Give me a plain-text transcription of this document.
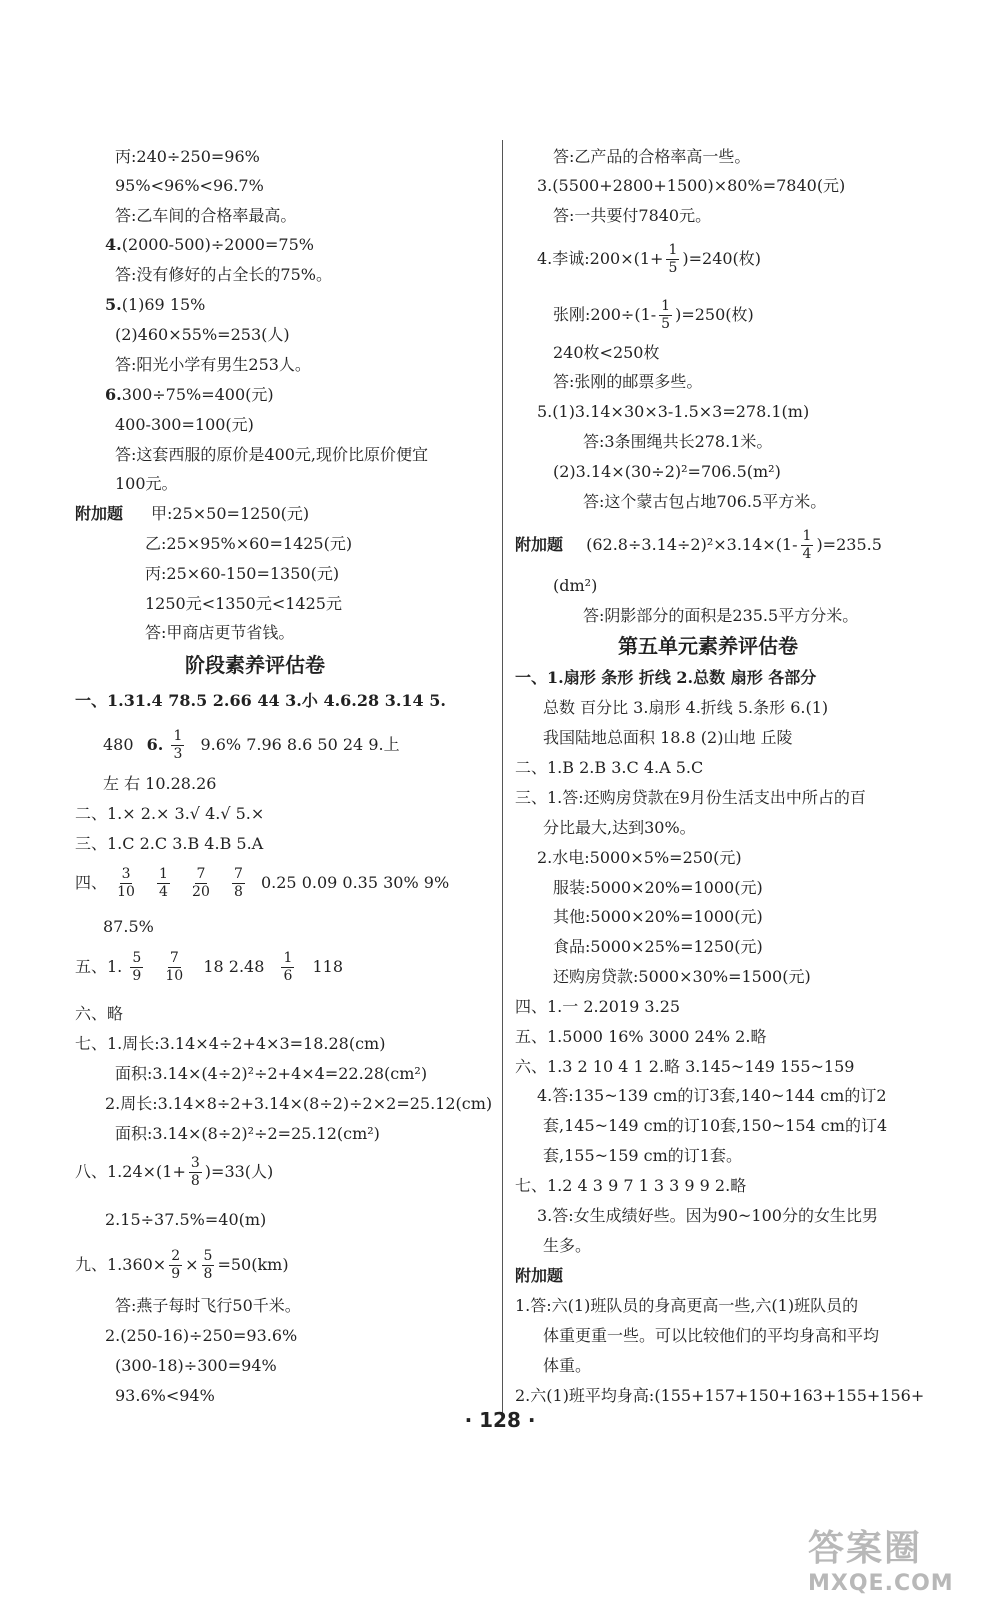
丙:240÷250=96%
95%<96%<96.7%
答:乙车间的合格率最高。
4.(2000-500)÷2000=75%
答:没有修好的占全长的75%。
5.(1)69 15%
(2)460×55%=253(人)
答:阳光小学有男生253人。
6.300÷75%=400(元)
400-300=100(元)
答:这套西服的原价是400元,现价比原价便宜
100元。
附加题 甲:25×50=1250(元)
乙:25×95%×60=1425(元)
丙:25×60-150=1350(元)
1250元<1350元<1425元
答:甲商店更节省钱。
阶段素养评估卷
一、1.31.4 78.5 2.66 44 3.小 4.6.28 3.14 5.
480 6. $\frac{1}{3} 9.6\%$ 7.96 8.6 50 24 9.上
左 右 10.28.26
二、1.× 2.× 3.√ 4.√ 5.×
三、1.C 2.C 3.B 4.B 5.A
四、 $\frac{3}{10}$
$\frac{1}{4}$
$\frac{7}{20}$
$\frac{7}{8} 0.25$ 0.09 0.35 30% 9%
87.5%
五、1. $\frac{5}{9}$
$\frac{7}{10} 18$ $2.48 \frac{1}{6} 118$
六、略
七、1.周长:3.14×4÷2+4×3=18.28(cm)
面积:3.14×(4÷2)²÷2+4×4=22.28(cm²)
2.周长:3.14×8÷2+3.14×(8÷2)÷2×2=25.12(cm)
面积:3.14×(8÷2)²÷2=25.12(cm²)
八、$1.24\times(1+ \frac{3}{8} )=33$(人)
2.15÷37.5%=40(m)
九、$1.360\times \frac{2}{9} \times \frac{5}{8} =50(km)$
答:燕子每时飞行50千米。
2.(250-16)÷250=93.6%
(300-18)÷300=94%
93.6%<94%
答:乙产品的合格率高一些。
3.(5500+2800+1500)×80%=7840(元)
答:一共要付7840元。
4.李诚:200×(1+ $\frac{1}{5} )=240$(枚)
张刚:200÷(1- $\frac{1}{5} )=250$(枚)
240枚<250枚
答:张刚的邮票多些。
5.(1)3.14×30×3-1.5×3=278.1(m)
答:3条围绳共长278.1米。
(2)3.14×(30÷2)²=706.5(m²)
答:这个蒙古包占地706.5平方米。
附加题 $(62.8\div 3.14\div 2)^2\times 3.14\times(1- \frac{1}{4} )=235.5$
(dm²)
答:阴影部分的面积是235.5平方分米。
第五单元素养评估卷
一、1.扇形 条形 折线 2.总数 扇形 各部分
总数 百分比 3.扇形 4.折线 5.条形 6.(1)
我国陆地总面积 18.8 (2)山地 丘陵
二、1.B 2.B 3.C 4.A 5.C
三、1.答:还购房贷款在9月份生活支出中所占的百
分比最大,达到30%。
2.水电:5000×5%=250(元)
服装:5000×20%=1000(元)
其他:5000×20%=1000(元)
食品:5000×25%=1250(元)
还购房贷款:5000×30%=1500(元)
四、1.一 2.2019 3.25
五、1.5000 16% 3000 24% 2.略
六、1.3 2 10 4 1 2.略 3.145~149 155~159
4.答:135~139 cm的订3套,140~144 cm的订2
套,145~149 cm的订10套,150~154 cm的订4
套,155~159 cm的订1套。
七、1.2 4 3 9 7 1 3 3 9 9 2.略
3.答:女生成绩好些。因为90~100分的女生比男
生多。
附加题
1.答:六(1)班队员的身高更高一些,六(1)班队员的
体重更重一些。可以比较他们的平均身高和平均
体重。
2.六(1)班平均身高:(155+157+150+163+155+156+
· 128 ·
答案圈
MXQE.COM
